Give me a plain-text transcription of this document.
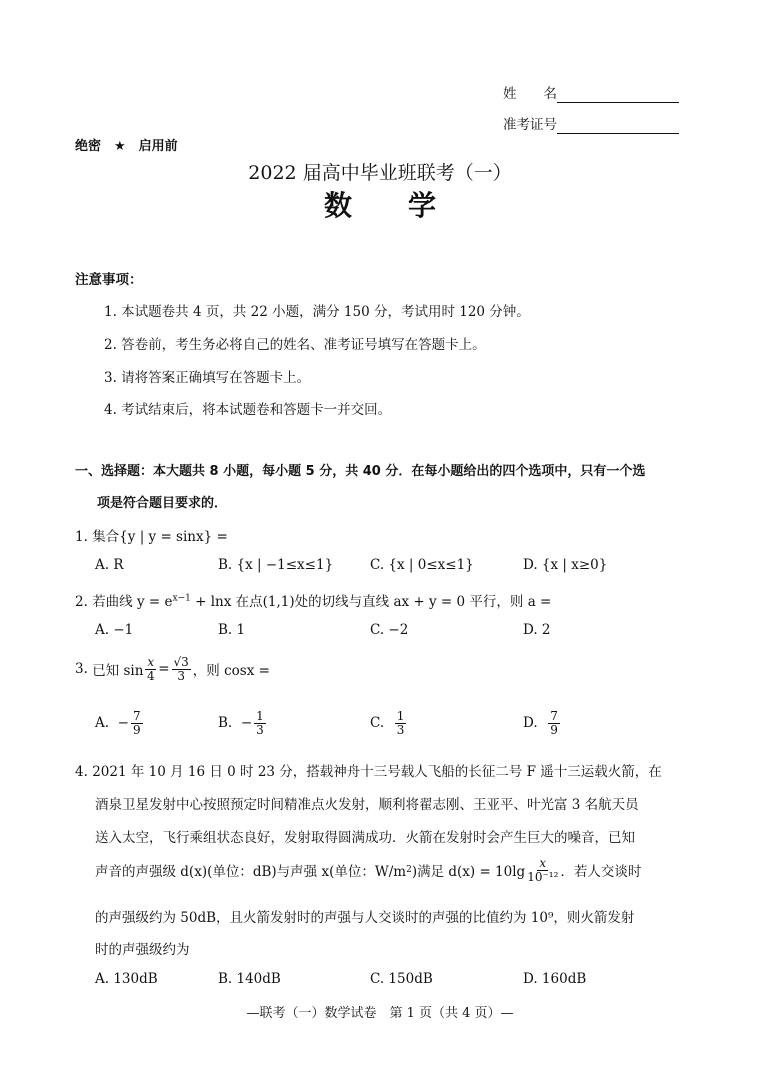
姓　　名
准考证号
绝密　★　启用前
2022 届高中毕业班联考（一）
数　　学
注意事项：
1. 本试题卷共 4 页，共 22 小题，满分 150 分，考试用时 120 分钟。
2. 答卷前，考生务必将自己的姓名、准考证号填写在答题卡上。
3. 请将答案正确填写在答题卡上。
4. 考试结束后，将本试题卷和答题卡一并交回。
一、选择题：本大题共 8 小题，每小题 5 分，共 40 分．在每小题给出的四个选项中，只有一个选
项是符合题目要求的．
1. 集合{y | y = sinx} =
A. R	B. {x | −1≤x≤1}	C. {x | 0≤x≤1}	D. {x | x≥0}
2. 若曲线 $y = e^{x-1} + \ln x$ 在点(1,1)处的切线与直线 ax + y = 0 平行，则 a =
A. −1	B. 1	C. −2	D. 2
3.
已知 $\sin \frac{x}{4} = \frac{√3}{3}$ ，则 cosx =
A.
− $\frac{7}{9}$	B.
− $\frac{1}{3}$	C.
$\frac{1}{3}$	D.
$\frac{7}{9}$
4. 2021 年 10 月 16 日 0 时 23 分，搭载神舟十三号载人飞船的长征二号 F 遥十三运载火箭，在
酒泉卫星发射中心按照预定时间精准点火发射，顺利将翟志刚、王亚平、叶光富 3 名航天员
送入太空，飞行乘组状态良好，发射取得圆满成功．火箭在发射时会产生巨大的噪音，已知
声音的声强级 d(x)(单位：dB)与声强 x(单位：W/m 2 )满足 $d(x) = 10\lg \frac{x}{\text{10⁻¹²}}$ ．若人交谈时
的声强级约为 50dB，且火箭发射时的声强与人交谈时的声强的比值约为 10⁹，则火箭发射
时的声强级约为
A. 130dB	B. 140dB	C. 150dB	D. 160dB
—联考（一）数学试卷　第 1 页（共 4 页）—
